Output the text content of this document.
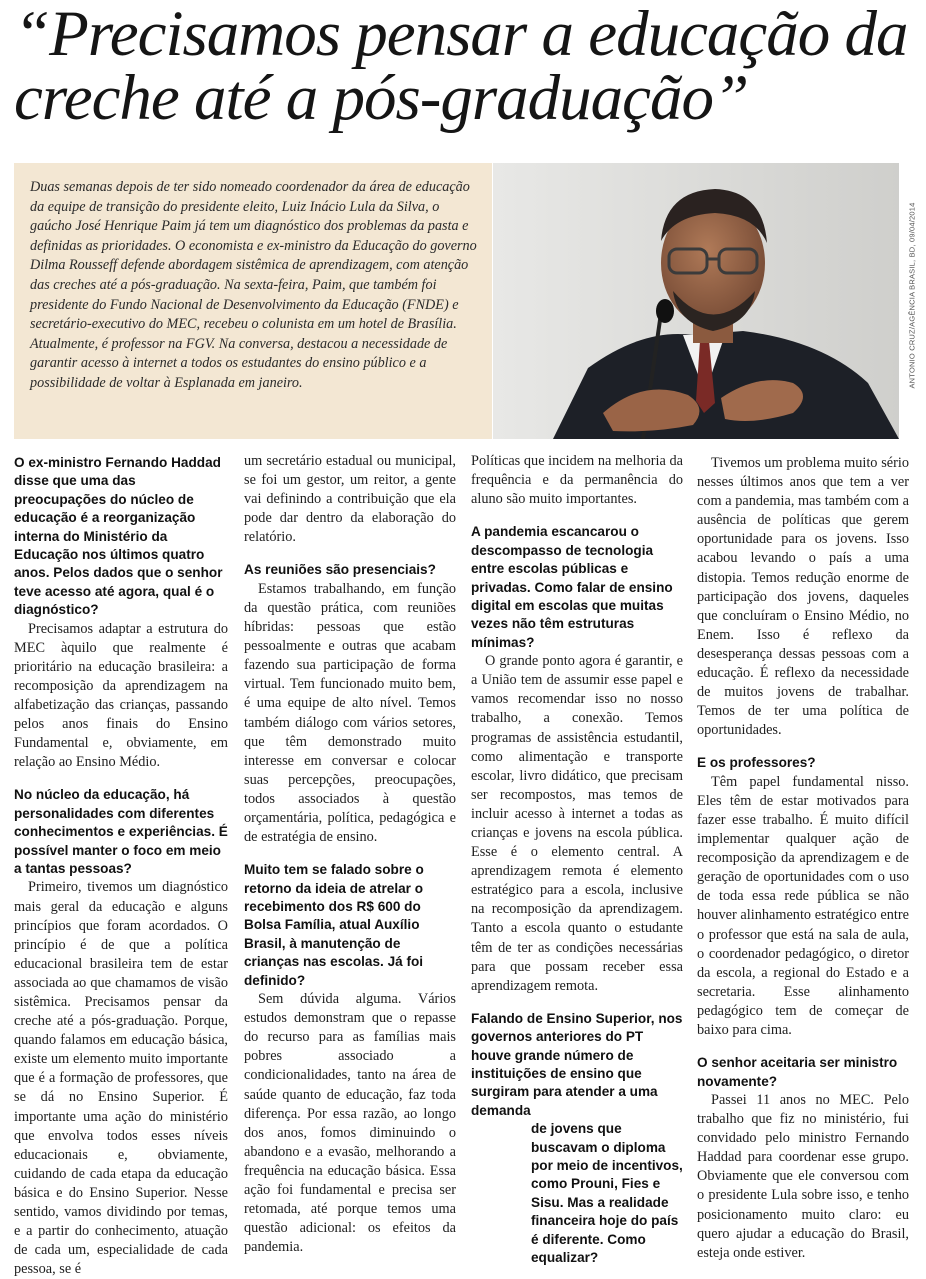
“Precisamos pensar a educação da creche até a pós-graduação”

Duas semanas depois de ter sido nomeado coordenador da área de educação da equipe de transição do presidente eleito, Luiz Inácio Lula da Silva, o gaúcho José Henrique Paim já tem um diagnóstico dos problemas da pasta e definidas as prioridades. O economista e ex-ministro da Educação do governo Dilma Rousseff defende abordagem sistêmica de aprendizagem, com atenção das creches até a pós-graduação. Na sexta-feira, Paim, que também foi presidente do Fundo Nacional de Desenvolvimento da Educação (FNDE) e secretário-executivo do MEC, recebeu o colunista em um hotel de Brasília. Atualmente, é professor na FGV. Na conversa, destacou a necessidade de garantir acesso à internet a todos os estudantes do ensino público e a possibilidade de voltar à Esplanada em janeiro.	ANTONIO CRUZ/AGÊNCIA BRASIL, BD, 09/04/2014

O ex-ministro Fernando Haddad disse que uma das preocupações do núcleo de educação é a reorganização interna do Ministério da Educação nos últimos quatro anos. Pelos dados que o senhor teve acesso até agora, qual é o diagnóstico?

Precisamos adaptar a estrutura do MEC àquilo que realmente é prioritário na educação brasileira: a recomposição da aprendizagem na alfabetização das crianças, passando pelos anos finais do Ensino Fundamental e, obviamente, em relação ao Ensino Médio.

No núcleo da educação, há personalidades com diferentes conhecimentos e experiências. É possível manter o foco em meio a tantas pessoas?

Primeiro, tivemos um diagnóstico mais geral da educação e alguns princípios que foram acordados. O princípio é de que a política educacional brasileira tem de estar associada ao que chamamos de visão sistêmica. Precisamos pensar da creche até a pós-graduação. Porque, quando falamos em educação básica, existe um elemento muito importante que é a formação de professores, que se dá no Ensino Superior. É importante uma ação do ministério que envolva todos esses níveis educacionais e, obviamente, cuidando de cada etapa da educação básica e do Ensino Superior. Nesse sentido, vamos dividindo por temas, e a partir do conhecimento, atuação de cada um, especialidade de cada pessoa, se é

um secretário estadual ou municipal, se foi um gestor, um reitor, a gente vai definindo a contribuição que ela pode dar dentro da elaboração do relatório.

As reuniões são presenciais?

Estamos trabalhando, em função da questão prática, com reuniões híbridas: pessoas que estão pessoalmente e outras que acabam fazendo sua participação de forma virtual. Tem funcionado muito bem, é uma equipe de alto nível. Temos também diálogo com vários setores, que têm demonstrado muito interesse em conversar e colocar suas percepções, preocupações, todos associados à questão orçamentária, política, pedagógica e de estratégia de ensino.

Muito tem se falado sobre o retorno da ideia de atrelar o recebimento dos R$ 600 do Bolsa Família, atual Auxílio Brasil, à manutenção de crianças nas escolas. Já foi definido?

Sem dúvida alguma. Vários estudos demonstram que o repasse do recurso para as famílias mais pobres associado a condicionalidades, tanto na área de saúde quanto de educação, faz toda diferença. Por essa razão, ao longo dos anos, fomos diminuindo o abandono e a evasão, melhorando a frequência na educação básica. Essa ação foi fundamental e precisa ser retomada, até porque temos uma questão adicional: os efeitos da pandemia.

Políticas que incidem na melhoria da frequência e da permanência do aluno são muito importantes.

A pandemia escancarou o descompasso de tecnologia entre escolas públicas e privadas. Como falar de ensino digital em escolas que muitas vezes não têm estruturas mínimas?

O grande ponto agora é garantir, e a União tem de assumir esse papel e vamos recomendar isso no nosso trabalho, a conexão. Temos programas de assistência estudantil, como alimentação e transporte escolar, livro didático, que precisam ser recompostos, mas temos de incluir acesso à internet a todas as crianças e jovens na escola pública. Esse é o elemento central. A aprendizagem remota é elemento estratégico para a escola, inclusive na recomposição da aprendizagem. Tanto a escola quanto o estudante têm de ter as condições necessárias para que possam receber essa aprendizagem remota.

Falando de Ensino Superior, nos governos anteriores do PT houve grande número de instituições de ensino que surgiram para atender a uma demanda

de jovens que buscavam o diploma por meio de incentivos, como Prouni, Fies e Sisu. Mas a realidade financeira hoje do país é diferente. Como equalizar?

Tivemos um problema muito sério nesses últimos anos que tem a ver com a pandemia, mas também com a ausência de políticas que gerem oportunidade para os jovens. Isso acabou levando o país a uma distopia. Temos redução enorme de participação dos jovens, daqueles que concluíram o Ensino Médio, no Enem. Isso é reflexo da desesperança dessas pessoas com a educação. É reflexo da necessidade de muitos jovens de trabalhar. Temos de ter uma política de oportunidades.

E os professores?

Têm papel fundamental nisso. Eles têm de estar motivados para fazer esse trabalho. É muito difícil implementar qualquer ação de recomposição da aprendizagem e de geração de oportunidades com o uso de toda essa rede pública se não houver alinhamento estratégico entre o professor que está na sala de aula, o coordenador pedagógico, o diretor da escola, a regional do Estado e a secretaria. Esse alinhamento pedagógico tem de começar de baixo para cima.

O senhor aceitaria ser ministro novamente?

Passei 11 anos no MEC. Pelo trabalho que fiz no ministério, fui convidado pelo ministro Fernando Haddad para coordenar esse grupo. Obviamente que ele conversou com o presidente Lula sobre isso, e tenho posicionamento muito claro: eu quero ajudar a educação do Brasil, esteja onde estiver.
